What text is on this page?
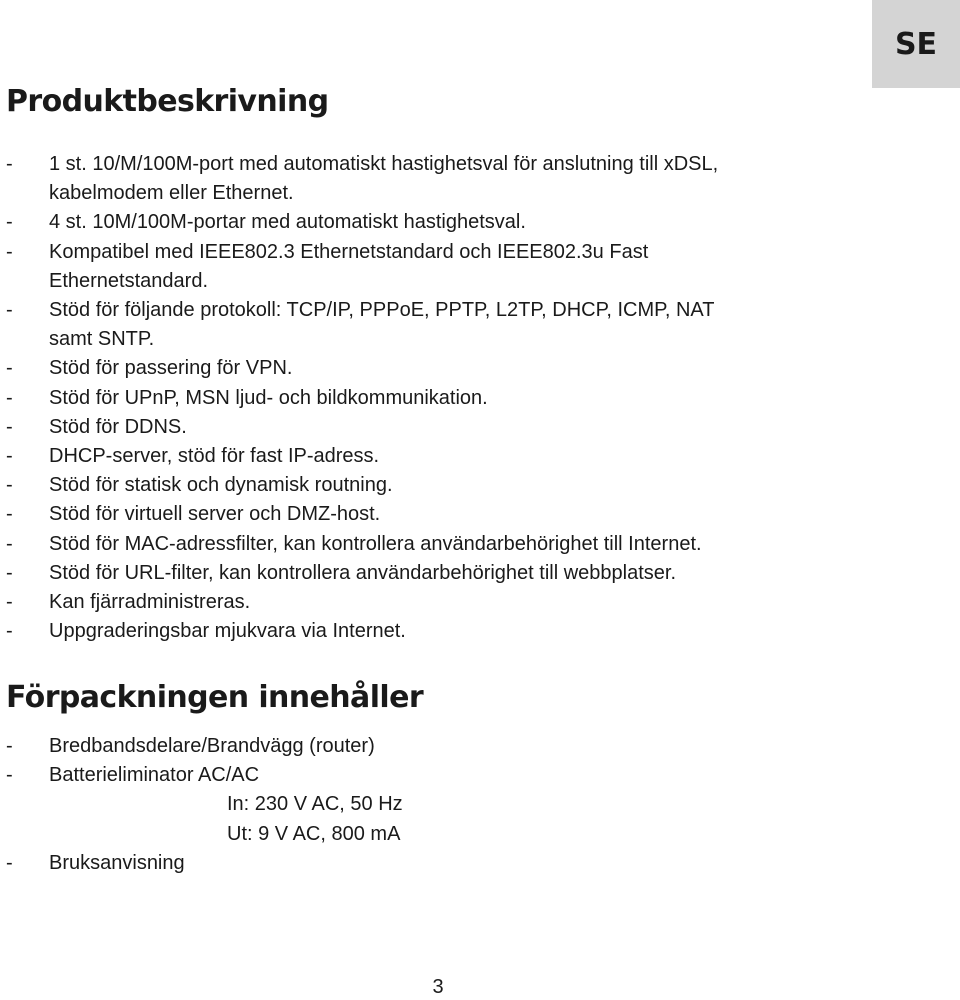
SE
Produktbeskrivning
- 1 st. 10/M/100M-port med automatiskt hastighetsval för anslutning till xDSL,
kabelmodem eller Ethernet.
- 4 st. 10M/100M-portar med automatiskt hastighetsval.
- Kompatibel med IEEE802.3 Ethernetstandard och IEEE802.3u Fast
Ethernetstandard.
- Stöd för följande protokoll: TCP/IP, PPPoE, PPTP, L2TP, DHCP, ICMP, NAT
samt SNTP.
- Stöd för passering för VPN.
- Stöd för UPnP, MSN ljud- och bildkommunikation.
- Stöd för DDNS.
- DHCP-server, stöd för fast IP-adress.
- Stöd för statisk och dynamisk routning.
- Stöd för virtuell server och DMZ-host.
- Stöd för MAC-adressfilter, kan kontrollera användarbehörighet till Internet.
- Stöd för URL-filter, kan kontrollera användarbehörighet till webbplatser.
- Kan fjärradministreras.
- Uppgraderingsbar mjukvara via Internet.
Förpackningen innehåller
- Bredbandsdelare/Brandvägg (router)
- Batterieliminator AC/AC
In: 230 V AC, 50 Hz
Ut: 9 V AC, 800 mA
- Bruksanvisning
3
